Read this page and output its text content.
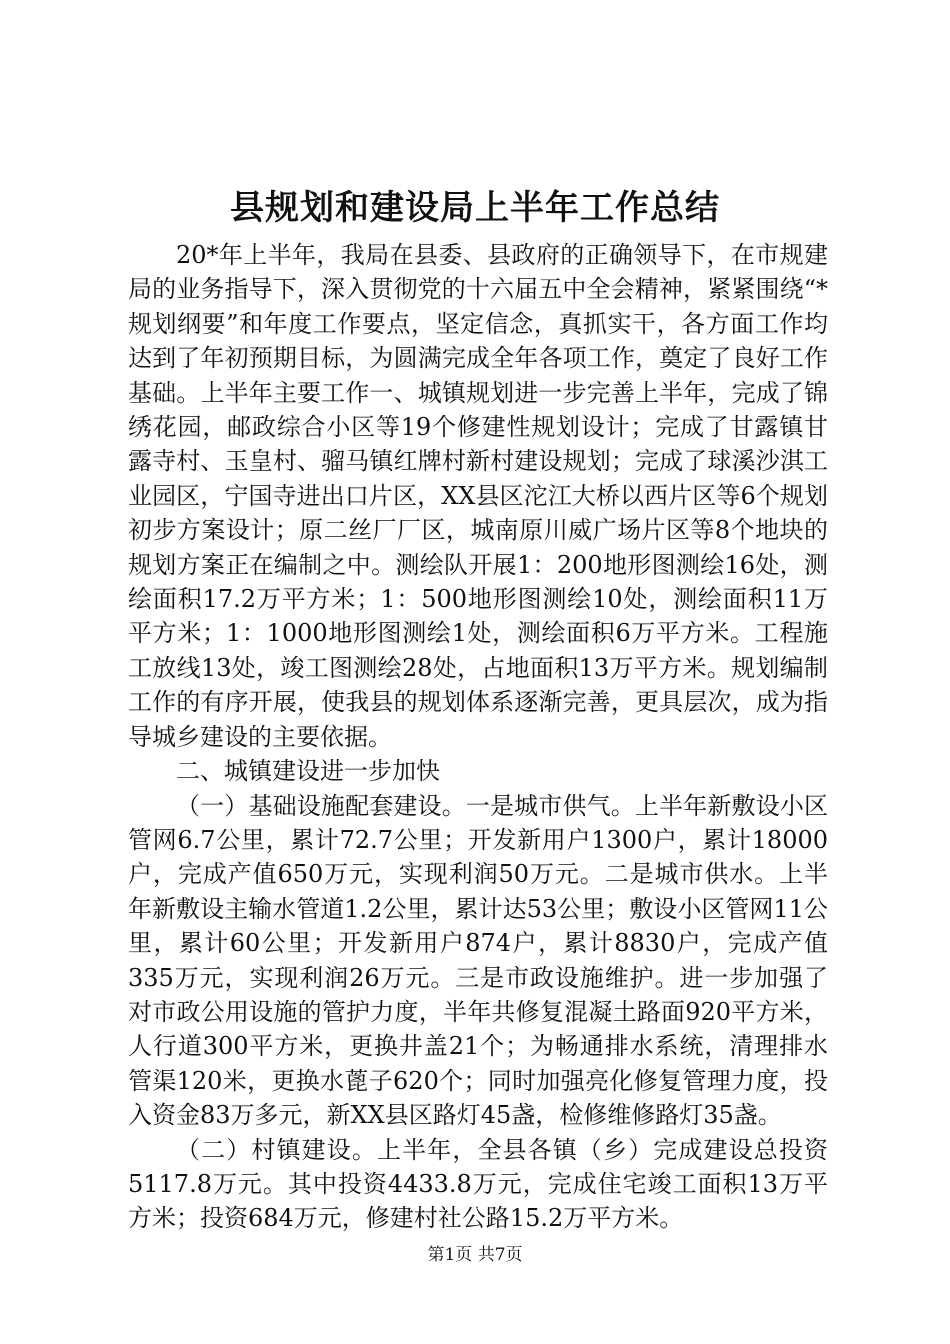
县规划和建设局上半年工作总结

20*年上半年，我局在县委、县政府的正确领导下，在市规建局的业务指导下，深入贯彻党的十六届五中全会精神，紧紧围绕“*规划纲要”和年度工作要点，坚定信念，真抓实干，各方面工作均达到了年初预期目标，为圆满完成全年各项工作，奠定了良好工作基础。上半年主要工作一、城镇规划进一步完善上半年，完成了锦绣花园，邮政综合小区等19个修建性规划设计；完成了甘露镇甘露寺村、玉皇村、骝马镇红牌村新村建设规划；完成了球溪沙淇工业园区，宁国寺进出口片区，XX县区沱江大桥以西片区等6个规划初步方案设计；原二丝厂厂区，城南原川威广场片区等8个地块的规划方案正在编制之中。测绘队开展1：200地形图测绘16处，测绘面积17.2万平方米；1：500地形图测绘10处，测绘面积11万平方米；1：1000地形图测绘1处，测绘面积6万平方米。工程施工放线13处，竣工图测绘28处，占地面积13万平方米。规划编制工作的有序开展，使我县的规划体系逐渐完善，更具层次，成为指导城乡建设的主要依据。

二、城镇建设进一步加快

（一）基础设施配套建设。一是城市供气。上半年新敷设小区管网6.7公里，累计72.7公里；开发新用户1300户，累计18000户，完成产值650万元，实现利润50万元。二是城市供水。上半年新敷设主输水管道1.2公里，累计达53公里；敷设小区管网11公里，累计60公里；开发新用户874户，累计8830户，完成产值335万元，实现利润26万元。三是市政设施维护。进一步加强了对市政公用设施的管护力度，半年共修复混凝土路面920平方米，人行道300平方米，更换井盖21个；为畅通排水系统，清理排水管渠120米，更换水蓖子620个；同时加强亮化修复管理力度，投入资金83万多元，新XX县区路灯45盏，检修维修路灯35盏。

（二）村镇建设。上半年，全县各镇（乡）完成建设总投资5117.8万元。其中投资4433.8万元，完成住宅竣工面积13万平方米；投资684万元，修建村社公路15.2万平方米。

第1页 共7页
